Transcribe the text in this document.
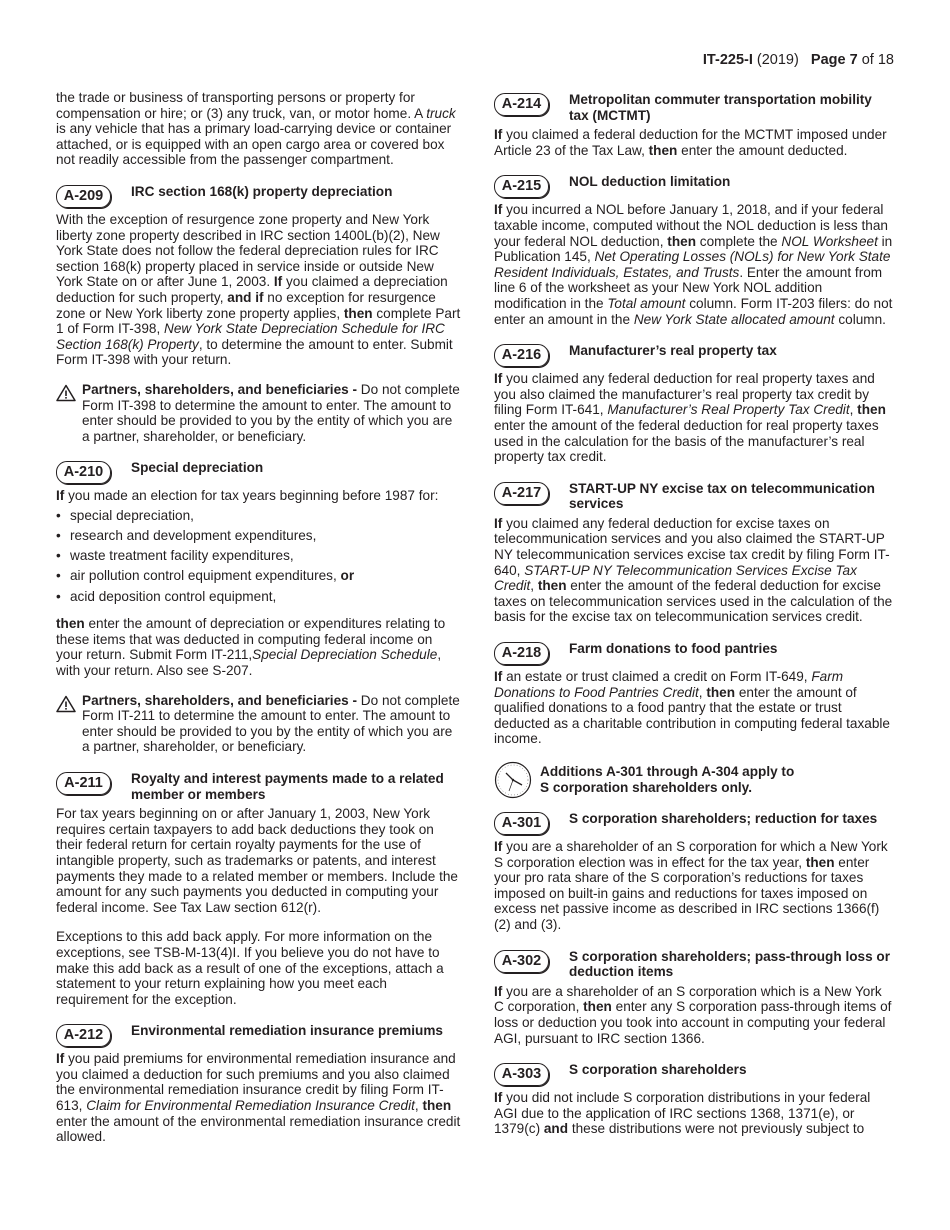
IT-225-I (2019) Page 7 of 18

the trade or business of transporting persons or property for compensation or hire; or (3) any truck, van, or motor home. A truck is any vehicle that has a primary load-carrying device or container attached, or is equipped with an open cargo area or covered box not readily accessible from the passenger compartment.

A-209	IRC section 168(k) property depreciation

With the exception of resurgence zone property and New York liberty zone property described in IRC section 1400L(b)(2), New York State does not follow the federal depreciation rules for IRC section 168(k) property placed in service inside or outside New York State on or after June 1, 2003. If you claimed a depreciation deduction for such property, and if no exception for resurgence zone or New York liberty zone property applies, then complete Part 1 of Form IT-398, New York State Depreciation Schedule for IRC Section 168(k) Property, to determine the amount to enter. Submit Form IT-398 with your return.

Partners, shareholders, and beneficiaries - Do not complete Form IT-398 to determine the amount to enter. The amount to enter should be provided to you by the entity of which you are a partner, shareholder, or beneficiary.

A-210	Special depreciation

If you made an election for tax years beginning before 1987 for:

• special depreciation,
• research and development expenditures,
• waste treatment facility expenditures,
• air pollution control equipment expenditures, or
• acid deposition control equipment,

then enter the amount of depreciation or expenditures relating to these items that was deducted in computing federal income on your return. Submit Form IT-211,Special Depreciation Schedule, with your return. Also see S-207.

Partners, shareholders, and beneficiaries - Do not complete Form IT-211 to determine the amount to enter. The amount to enter should be provided to you by the entity of which you are a partner, shareholder, or beneficiary.

A-211	Royalty and interest payments made to a related member or members

For tax years beginning on or after January 1, 2003, New York requires certain taxpayers to add back deductions they took on their federal return for certain royalty payments for the use of intangible property, such as trademarks or patents, and interest payments they made to a related member or members. Include the amount for any such payments you deducted in computing your federal income. See Tax Law section 612(r).

Exceptions to this add back apply. For more information on the exceptions, see TSB-M-13(4)I. If you believe you do not have to make this add back as a result of one of the exceptions, attach a statement to your return explaining how you meet each requirement for the exception.

A-212	Environmental remediation insurance premiums

If you paid premiums for environmental remediation insurance and you claimed a deduction for such premiums and you also claimed the environmental remediation insurance credit by filing Form IT-613, Claim for Environmental Remediation Insurance Credit, then enter the amount of the environmental remediation insurance credit allowed.

A-214	Metropolitan commuter transportation mobility tax (MCTMT)

If you claimed a federal deduction for the MCTMT imposed under Article 23 of the Tax Law, then enter the amount deducted.

A-215	NOL deduction limitation

If you incurred a NOL before January 1, 2018, and if your federal taxable income, computed without the NOL deduction is less than your federal NOL deduction, then complete the NOL Worksheet in Publication 145, Net Operating Losses (NOLs) for New York State Resident Individuals, Estates, and Trusts. Enter the amount from line 6 of the worksheet as your New York NOL addition modification in the Total amount column. Form IT-203 filers: do not enter an amount in the New York State allocated amount column.

A-216	Manufacturer’s real property tax

If you claimed any federal deduction for real property taxes and you also claimed the manufacturer’s real property tax credit by filing Form IT-641, Manufacturer’s Real Property Tax Credit, then enter the amount of the federal deduction for real property taxes used in the calculation for the basis of the manufacturer’s real property tax credit.

A-217	START-UP NY excise tax on telecommunication services

If you claimed any federal deduction for excise taxes on telecommunication services and you also claimed the START-UP NY telecommunication services excise tax credit by filing Form IT-640, START-UP NY Telecommunication Services Excise Tax Credit, then enter the amount of the federal deduction for excise taxes on telecommunication services used in the calculation of the basis for the excise tax on telecommunication services credit.

A-218	Farm donations to food pantries

If an estate or trust claimed a credit on Form IT-649, Farm Donations to Food Pantries Credit, then enter the amount of qualified donations to a food pantry that the estate or trust deducted as a charitable contribution in computing federal taxable income.

Additions A-301 through A-304 apply to
S corporation shareholders only.
A-301	S corporation shareholders; reduction for taxes

If you are a shareholder of an S corporation for which a New York S corporation election was in effect for the tax year, then enter your pro rata share of the S corporation’s reductions for taxes imposed on built-in gains and reductions for taxes imposed on excess net passive income as described in IRC sections 1366(f)(2) and (3).

A-302	S corporation shareholders; pass-through loss or deduction items

If you are a shareholder of an S corporation which is a New York C corporation, then enter any S corporation pass-through items of loss or deduction you took into account in computing your federal AGI, pursuant to IRC section 1366.

A-303	S corporation shareholders

If you did not include S corporation distributions in your federal AGI due to the application of IRC sections 1368, 1371(e), or 1379(c) and these distributions were not previously subject to
